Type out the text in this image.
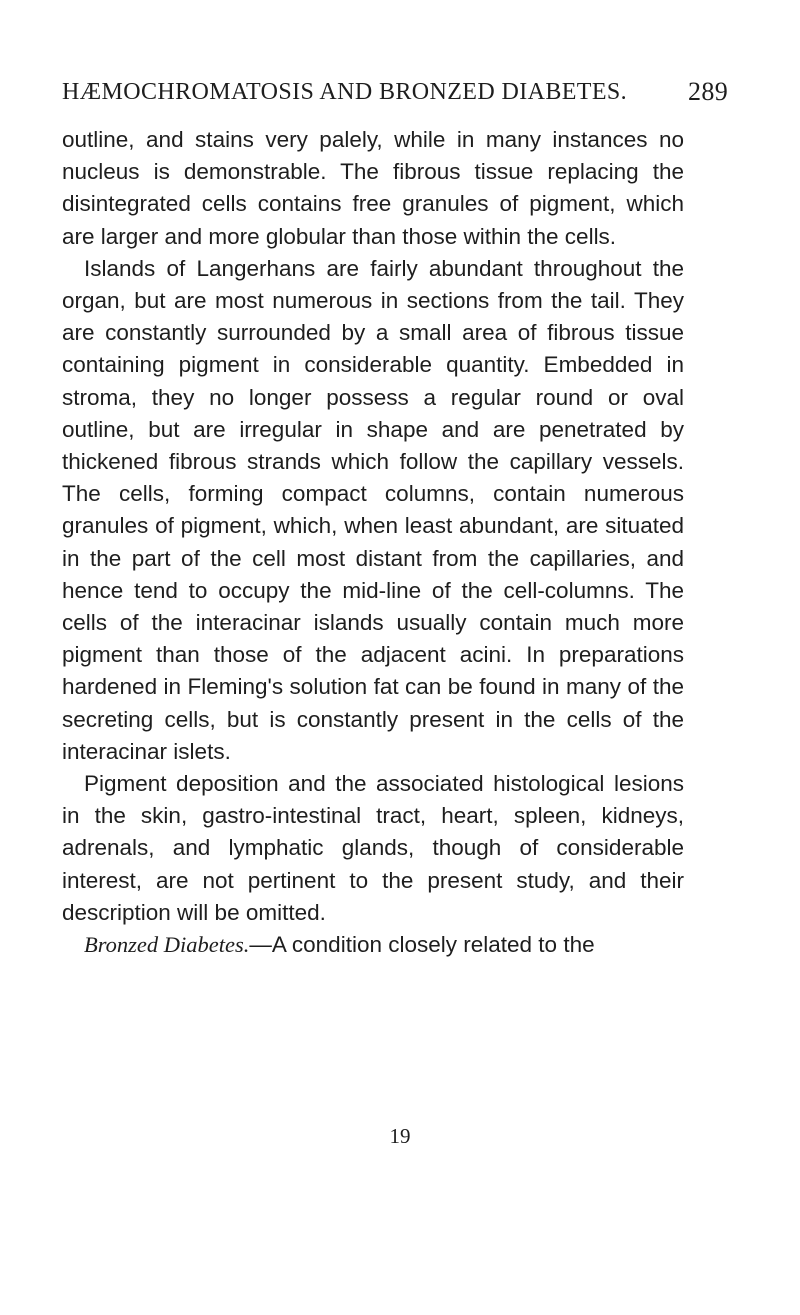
HÆMOCHROMATOSIS AND BRONZED DIABETES. 289

outline, and stains very palely, while in many instances no nucleus is demonstrable. The fibrous tissue replacing the disintegrated cells contains free granules of pigment, which are larger and more globular than those within the cells.

Islands of Langerhans are fairly abundant throughout the organ, but are most numerous in sections from the tail. They are constantly surrounded by a small area of fibrous tissue containing pigment in considerable quantity. Embedded in stroma, they no longer possess a regular round or oval outline, but are irregular in shape and are penetrated by thickened fibrous strands which follow the capillary vessels. The cells, forming compact columns, contain numerous granules of pigment, which, when least abundant, are situated in the part of the cell most distant from the capillaries, and hence tend to occupy the mid-line of the cell-columns. The cells of the interacinar islands usually contain much more pigment than those of the adjacent acini. In preparations hardened in Fleming's solution fat can be found in many of the secreting cells, but is constantly present in the cells of the interacinar islets.

Pigment deposition and the associated histological lesions in the skin, gastro-intestinal tract, heart, spleen, kidneys, adrenals, and lymphatic glands, though of considerable interest, are not pertinent to the present study, and their description will be omitted.

Bronzed Diabetes.—A condition closely related to the

19
